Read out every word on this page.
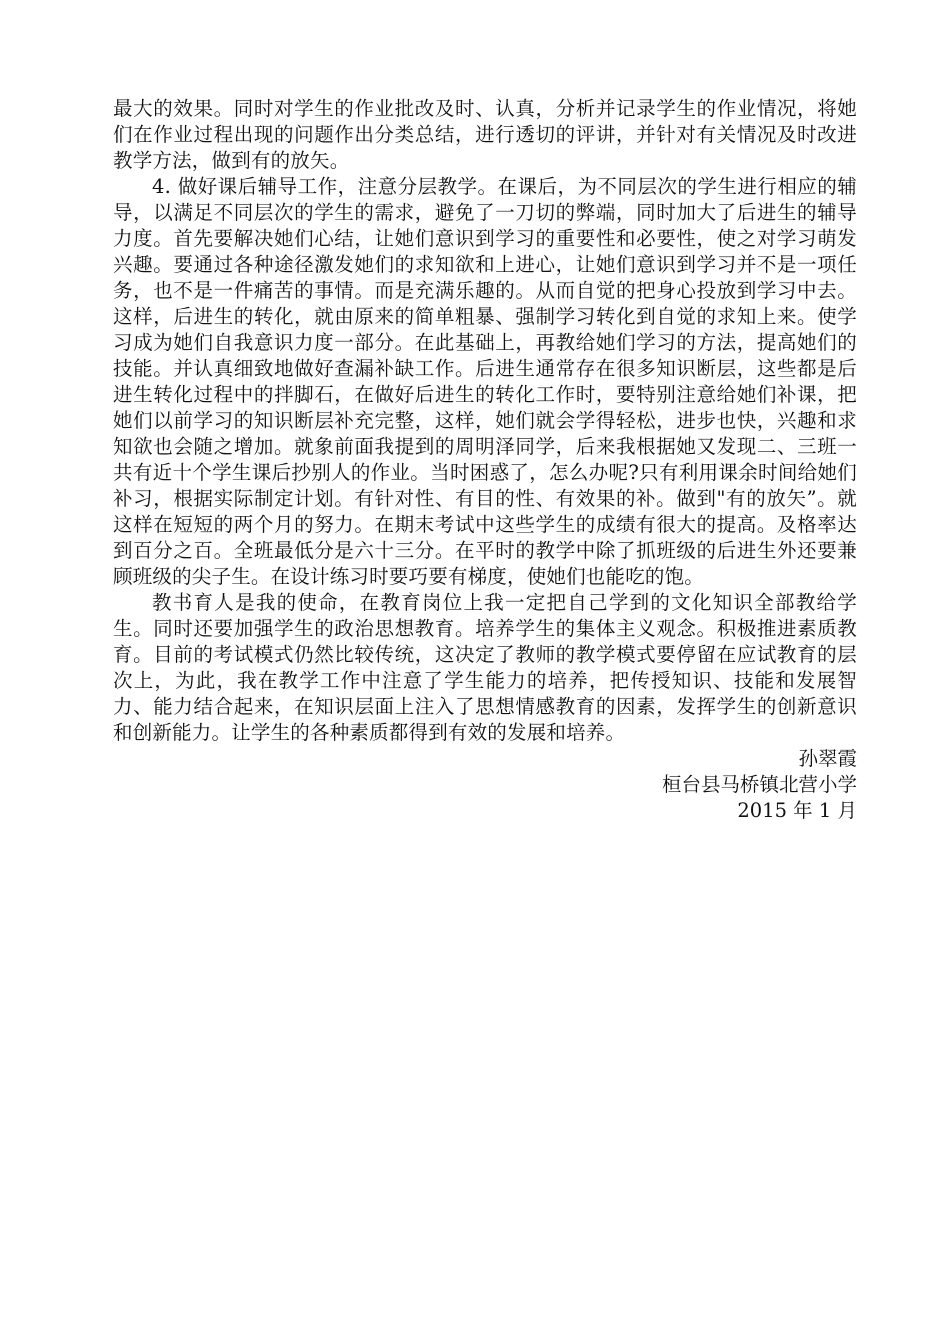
最大的效果。同时对学生的作业批改及时、认真，分析并记录学生的作业情况，将她们在作业过程出现的问题作出分类总结，进行透切的评讲，并针对有关情况及时改进教学方法，做到有的放矢。

4. 做好课后辅导工作，注意分层教学。在课后，为不同层次的学生进行相应的辅导，以满足不同层次的学生的需求，避免了一刀切的弊端，同时加大了后进生的辅导力度。首先要解决她们心结，让她们意识到学习的重要性和必要性，使之对学习萌发兴趣。要通过各种途径激发她们的求知欲和上进心，让她们意识到学习并不是一项任务，也不是一件痛苦的事情。而是充满乐趣的。从而自觉的把身心投放到学习中去。这样，后进生的转化，就由原来的简单粗暴、强制学习转化到自觉的求知上来。使学习成为她们自我意识力度一部分。在此基础上，再教给她们学习的方法，提高她们的技能。并认真细致地做好查漏补缺工作。后进生通常存在很多知识断层，这些都是后进生转化过程中的拌脚石，在做好后进生的转化工作时，要特别注意给她们补课，把她们以前学习的知识断层补充完整，这样，她们就会学得轻松，进步也快，兴趣和求知欲也会随之增加。就象前面我提到的周明泽同学，后来我根据她又发现二、三班一共有近十个学生课后抄别人的作业。当时困惑了，怎么办呢?只有利用课余时间给她们补习，根据实际制定计划。有针对性、有目的性、有效果的补。做到"有的放矢”。就这样在短短的两个月的努力。在期末考试中这些学生的成绩有很大的提高。及格率达到百分之百。全班最低分是六十三分。在平时的教学中除了抓班级的后进生外还要兼顾班级的尖子生。在设计练习时要巧要有梯度，使她们也能吃的饱。

教书育人是我的使命，在教育岗位上我一定把自己学到的文化知识全部教给学生。同时还要加强学生的政治思想教育。培养学生的集体主义观念。积极推进素质教育。目前的考试模式仍然比较传统，这决定了教师的教学模式要停留在应试教育的层次上，为此，我在教学工作中注意了学生能力的培养，把传授知识、技能和发展智力、能力结合起来，在知识层面上注入了思想情感教育的因素，发挥学生的创新意识和创新能力。让学生的各种素质都得到有效的发展和培养。

孙翠霞
桓台县马桥镇北营小学
2015 年 1 月
